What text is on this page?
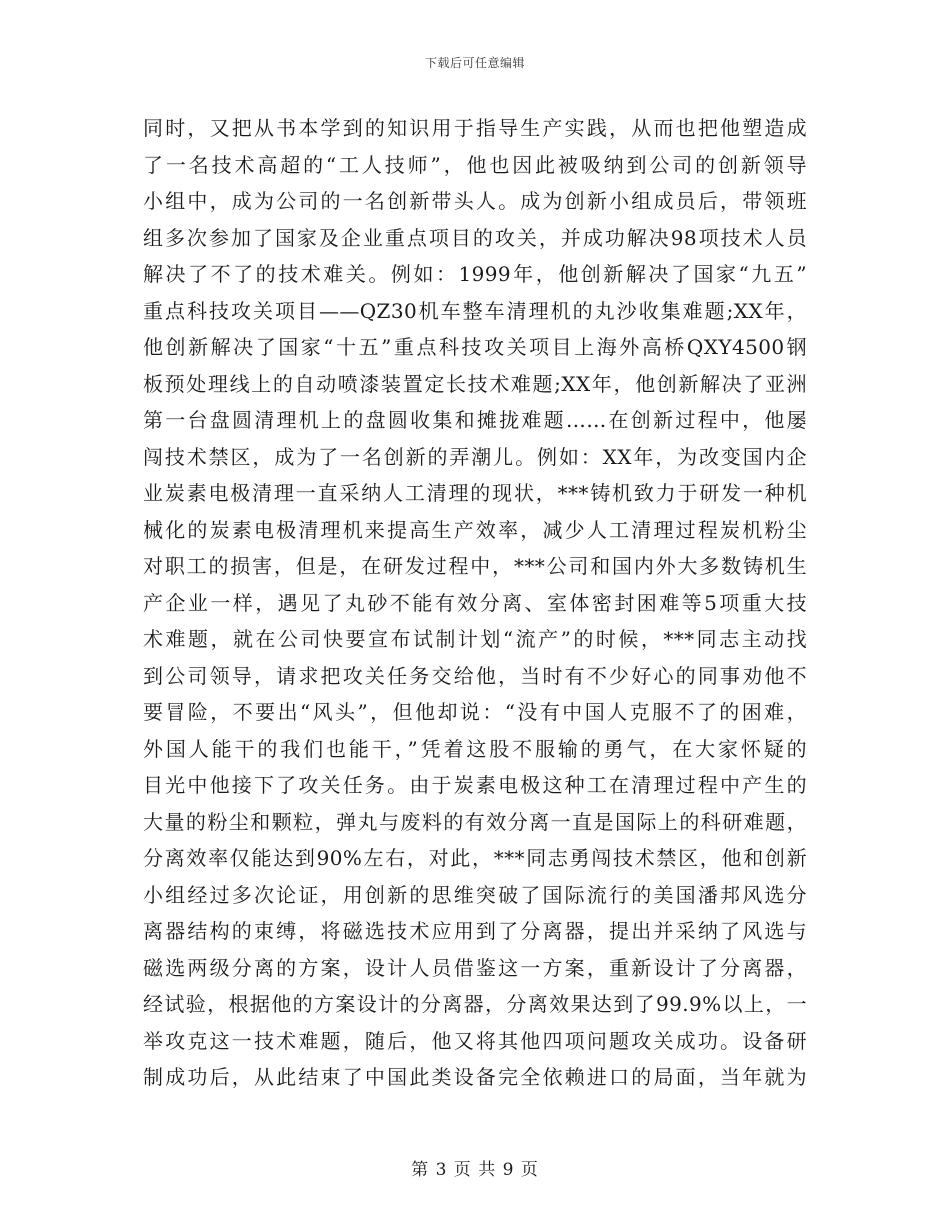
下载后可任意编辑
同时，又把从书本学到的知识用于指导生产实践，从而也把他塑造成
了一名技术高超的“工人技师”，他也因此被吸纳到公司的创新领导
小组中，成为公司的一名创新带头人。成为创新小组成员后，带领班
组多次参加了国家及企业重点项目的攻关，并成功解决98项技术人员
解决了不了的技术难关。例如：1999年，他创新解决了国家“九五”
重点科技攻关项目——QZ30机车整车清理机的丸沙收集难题;XX年，
他创新解决了国家“十五”重点科技攻关项目上海外高桥QXY4500钢
板预处理线上的自动喷漆装置定长技术难题;XX年，他创新解决了亚洲
第一台盘圆清理机上的盘圆收集和摊拢难题……在创新过程中，他屡
闯技术禁区，成为了一名创新的弄潮儿。例如：XX年，为改变国内企
业炭素电极清理一直采纳人工清理的现状，***铸机致力于研发一种机
械化的炭素电极清理机来提高生产效率，减少人工清理过程炭机粉尘
对职工的损害，但是，在研发过程中，***公司和国内外大多数铸机生
产企业一样，遇见了丸砂不能有效分离、室体密封困难等5项重大技
术难题，就在公司快要宣布试制计划“流产”的时候，***同志主动找
到公司领导，请求把攻关任务交给他，当时有不少好心的同事劝他不
要冒险，不要出“风头”，但他却说：“没有中国人克服不了的困难，
外国人能干的我们也能干，”凭着这股不服输的勇气，在大家怀疑的
目光中他接下了攻关任务。由于炭素电极这种工在清理过程中产生的
大量的粉尘和颗粒，弹丸与废料的有效分离一直是国际上的科研难题，
分离效率仅能达到90%左右，对此，***同志勇闯技术禁区，他和创新
小组经过多次论证，用创新的思维突破了国际流行的美国潘邦风选分
离器结构的束缚，将磁选技术应用到了分离器，提出并采纳了风选与
磁选两级分离的方案，设计人员借鉴这一方案，重新设计了分离器，
经试验，根据他的方案设计的分离器，分离效果达到了99.9%以上，一
举攻克这一技术难题，随后，他又将其他四项问题攻关成功。设备研
制成功后，从此结束了中国此类设备完全依赖进口的局面，当年就为
第 3 页 共 9 页
